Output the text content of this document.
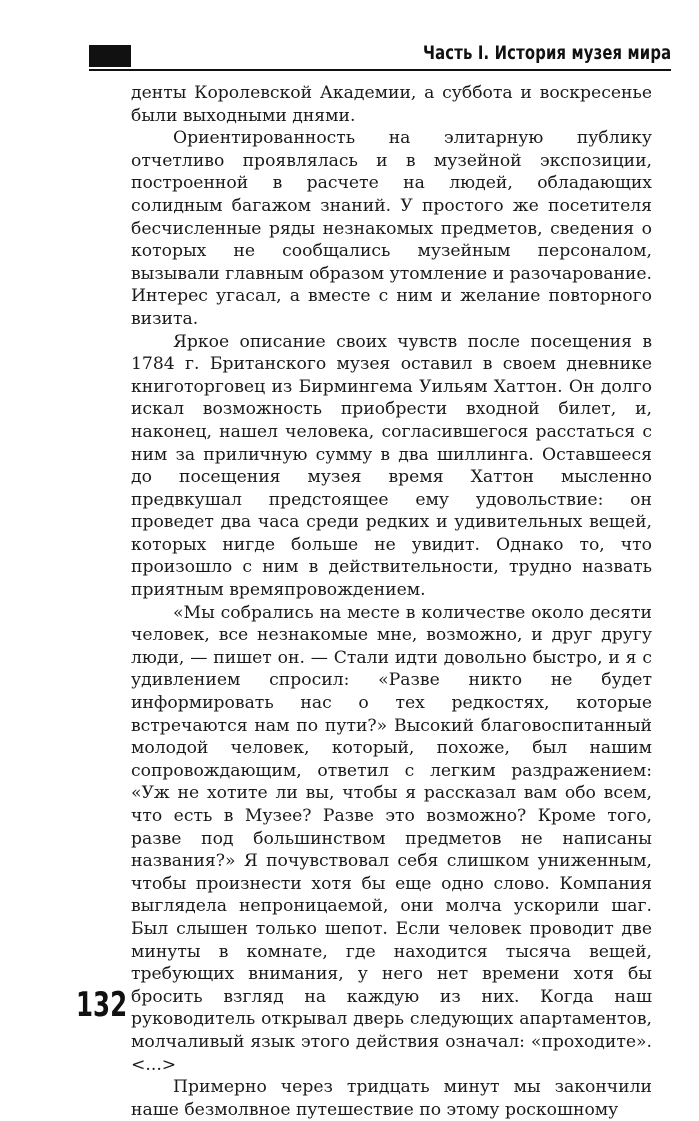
Часть I. История музея мира

денты Королевской Академии, а суббота и воскресенье были выходными днями.

Ориентированность на элитарную публику отчетливо проявлялась и в музейной экспозиции, построенной в расчете на людей, обладающих солидным багажом знаний. У простого же посетителя бесчисленные ряды незнакомых предметов, сведения о которых не сообщались музейным персоналом, вызывали главным образом утомление и разочарование. Интерес угасал, а вместе с ним и желание повторного визита.

Яркое описание своих чувств после посещения в 1784 г. Британского музея оставил в своем дневнике книготорговец из Бирмингема Уильям Хаттон. Он долго искал возможность приобрести входной билет, и, наконец, нашел человека, согласившегося расстаться с ним за приличную сумму в два шиллинга. Оставшееся до посещения музея время Хаттон мысленно предвкушал предстоящее ему удовольствие: он проведет два часа среди редких и удивительных вещей, которых нигде больше не увидит. Однако то, что произошло с ним в действительности, трудно назвать приятным времяпровождением.

«Мы собрались на месте в количестве около десяти человек, все незнакомые мне, возможно, и друг другу люди, — пишет он. — Стали идти довольно быстро, и я с удивлением спросил: «Разве никто не будет информировать нас о тех редкостях, которые встречаются нам по пути?» Высокий благовоспитанный молодой человек, который, похоже, был нашим сопровождающим, ответил с легким раздражением: «Уж не хотите ли вы, чтобы я рассказал вам обо всем, что есть в Музее? Разве это возможно? Кроме того, разве под большинством предметов не написаны названия?» Я почувствовал себя слишком униженным, чтобы произнести хотя бы еще одно слово. Компания выглядела непроницаемой, они молча ускорили шаг. Был слышен только шепот. Если человек проводит две минуты в комнате, где находится тысяча вещей, требующих внимания, у него нет времени хотя бы бросить взгляд на каждую из них. Когда наш руководитель открывал дверь следующих апартаментов, молчаливый язык этого действия означал: «проходите».<...>

Примерно через тридцать минут мы закончили наше безмолвное путешествие по этому роскошному

132
